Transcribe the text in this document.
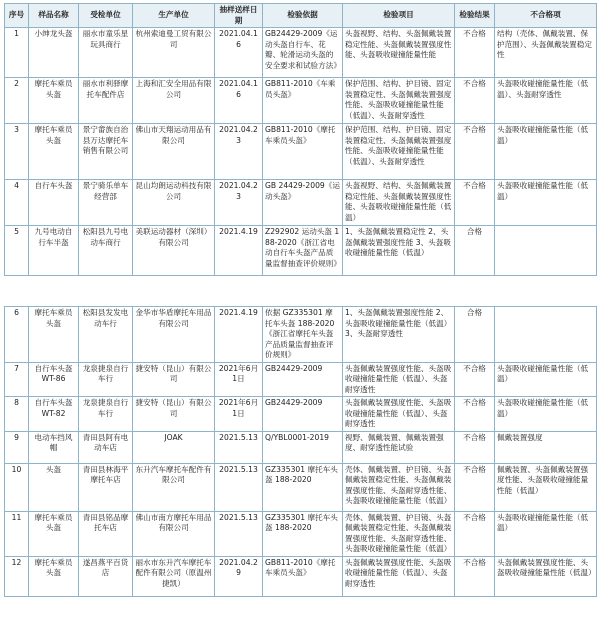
序号	样品名称	受检单位	生产单位	抽样送样日期	检验依据	检验项目	检验结果	不合格项
1	小绅龙头盔	丽水市童乐星玩具商行	杭州索迪曼工贸有限公司	2021.04.16	GB24429-2009《运动头盔自行车、花瓣、轮滑运动头盔的安全要求和试验方法》	头盔视野、结构、头盔佩戴装置稳定性能、头盔佩戴装置强度性能、头盔吸收碰撞能量性能	不合格	结构（壳体、佩戴装置、保护范围）、头盔佩戴装置稳定性
2	摩托车乘员头盔	丽水市利驿摩托车配件店	上海和汇安全用品有限公司	2021.04.16	GB811-2010《车乘员头盔》	保护范围、结构、护目镜、固定装置稳定性、头盔佩戴装置强度性能、头盔吸收碰撞能量性能（低温）、头盔耐穿透性	不合格	头盔吸收碰撞能量性能（低温）、头盔耐穿透性
3	摩托车乘员头盔	景宁畲族自治县万达摩托车销售有限公司	佛山市天翔运动用品有限公司	2021.04.23	GB811-2010《摩托车乘员头盔》	保护范围、结构、护目镜、固定装置稳定性、头盔佩戴装置强度性能、头盔吸收碰撞能量性能（低温）、头盔耐穿透性	不合格	头盔吸收碰撞能量性能（低温）
4	自行车头盔	景宁骑乐单车经营部	昆山均朗运动科技有限公司	2021.04.23	GB 24429-2009《运动头盔》	头盔视野、结构、头盔佩戴装置稳定性能、头盔佩戴装置强度性能、头盔吸收碰撞能量性能（低温）	不合格	头盔吸收碰撞能量性能（低温）
5	九号电动自行车半盔	松阳县九号电动车商行	美联运动器材（深圳）有限公司	2021.4.19	Z292902 运动头盔 188-2020《浙江省电动自行车头盔产品质量监督抽查评价规则》	1、头盔佩戴装置稳定性 2、头盔佩戴装置强度性能 3、头盔吸收碰撞能量性能（低温）	合格	
6	摩托车乘员头盔	松阳县发发电动车行	金华市华盾摩托车用品有限公司	2021.4.19	依据 GZ335301 摩托车头盔 188-2020《浙江省摩托车头盔产品质量监督抽查评价规则》	1、头盔佩戴装置强度性能 2、头盔吸收碰撞能量性能（低温） 3、头盔耐穿透性	合格	
7	自行车头盔WT-86	龙泉捷泉自行车行	捷安特（昆山）有限公司	2021年6月1日	GB24429-2009	头盔佩戴装置强度性能、头盔吸收碰撞能量性能（低温）、头盔耐穿透性	不合格	头盔吸收碰撞能量性能（低温）
8	自行车头盔WT-82	龙泉捷泉自行车行	捷安特（昆山）有限公司	2021年6月1日	GB24429-2009	头盔佩戴装置强度性能、头盔吸收碰撞能量性能（低温）、头盔耐穿透性	不合格	头盔吸收碰撞能量性能（低温）
9	电动车挡风帽	青田县阿有电动车店	JOAK	2021.5.13	Q/YBL0001-2019	视野、佩戴装置、佩戴装置强度、耐穿透性能试验	不合格	佩戴装置强度
10	头盔	青田县林海平摩托车店	东升汽车摩托车配件有限公司	2021.5.13	GZ335301 摩托车头盔 188-2020	壳体、佩戴装置、护目镜、头盔佩戴装置稳定性能、头盔佩戴装置强度性能、头盔耐穿透性能、头盔吸收碰撞能量性能（低温）	不合格	佩戴装置、头盔佩戴装置强度性能、头盔吸收碰撞能量性能（低温）
11	摩托车乘员头盔	青田县铭品摩托车店	佛山市南方摩托车用品有限公司	2021.5.13	GZ335301 摩托车头盔 188-2020	壳体、佩戴装置、护目镜、头盔佩戴装置稳定性能、头盔佩戴装置强度性能、头盔耐穿透性能、头盔吸收碰撞能量性能（低温）	不合格	头盔吸收碰撞能量性能（低温）
12	摩托车乘员头盔	遂昌燕平百货店	丽水市东升汽车摩托车配件有限公司（原温州捷凯）	2021.04.29	GB811-2010《摩托车乘员头盔》	头盔佩戴装置强度性能、头盔吸收碰撞能量性能（低温）、头盔耐穿透性	不合格	头盔佩戴装置强度性能、头盔吸收碰撞能量性能（低温）
